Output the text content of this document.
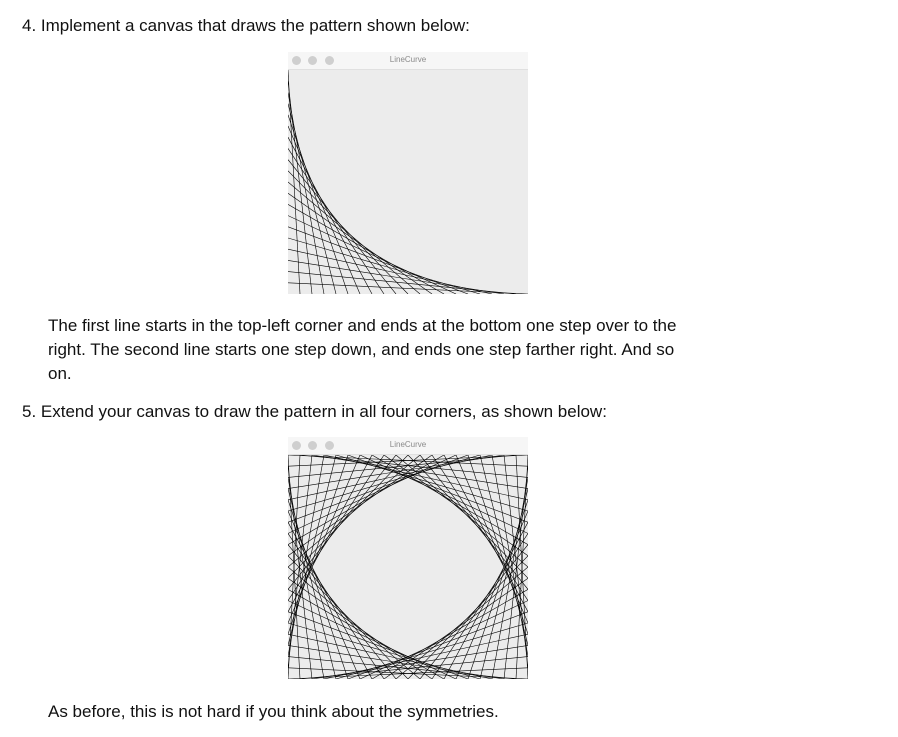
4. Implement a canvas that draws the pattern shown below:

LineCurve
The first line starts in the top-left corner and ends at the bottom one step over to the
right. The second line starts one step down, and ends one step farther right. And so
on.
5. Extend your canvas to draw the pattern in all four corners, as shown below:

LineCurve
As before, this is not hard if you think about the symmetries.
